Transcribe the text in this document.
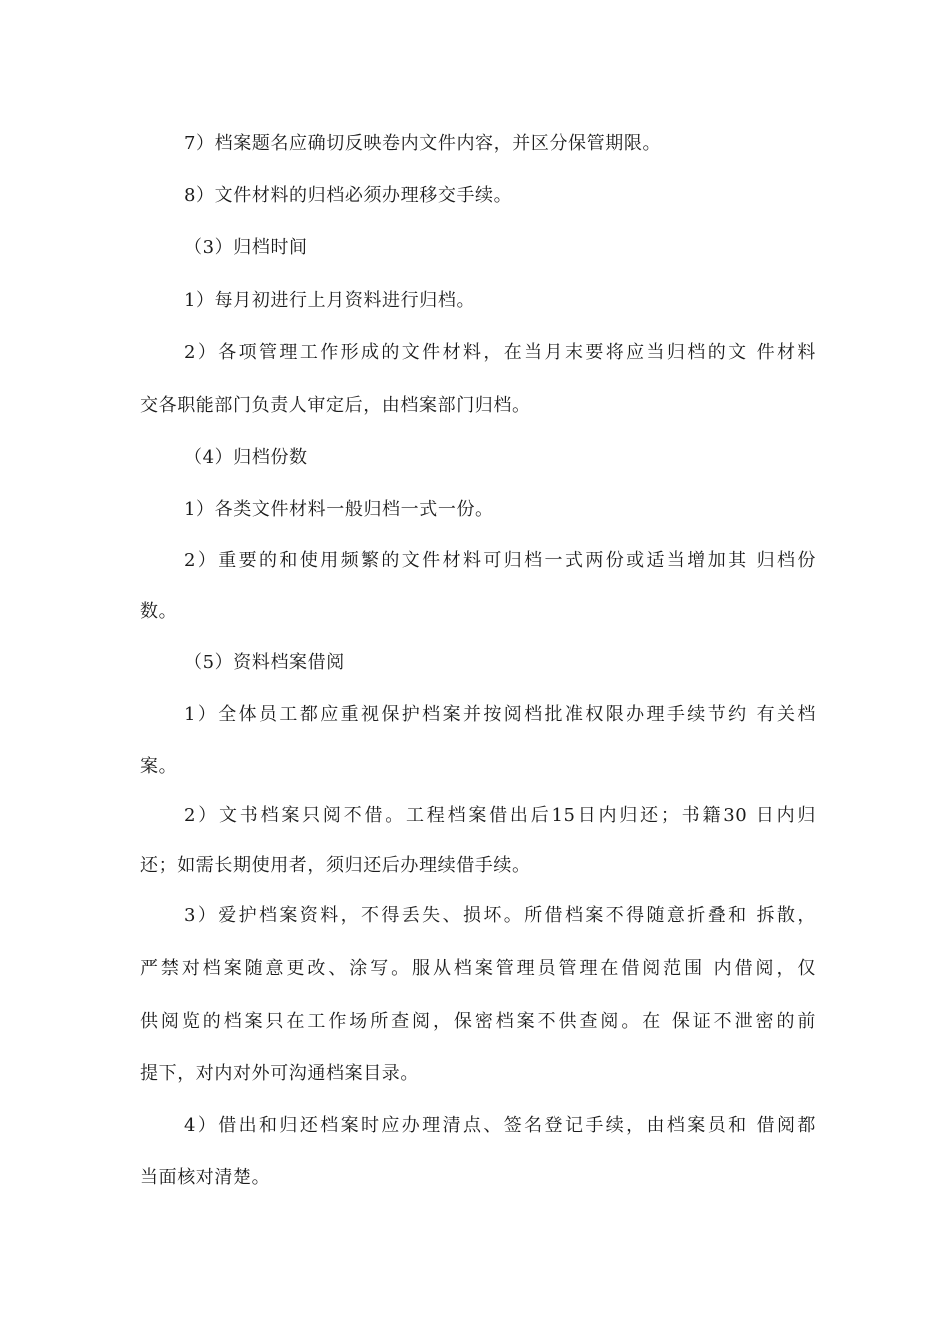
7）档案题名应确切反映卷内文件内容，并区分保管期限。
8）文件材料的归档必须办理移交手续。
（3）归档时间
1）每月初进行上月资料进行归档。
2）各项管理工作形成的文件材料，在当月末要将应当归档的文 件材料
交各职能部门负责人审定后，由档案部门归档。
（4）归档份数
1）各类文件材料一般归档一式一份。
2）重要的和使用频繁的文件材料可归档一式两份或适当增加其 归档份
数。
（5）资料档案借阅
1）全体员工都应重视保护档案并按阅档批准权限办理手续节约 有关档
案。
2）文书档案只阅不借。工程档案借出后15日内归还；书籍30 日内归
还；如需长期使用者，须归还后办理续借手续。
3）爱护档案资料，不得丢失、损坏。所借档案不得随意折叠和 拆散，
严禁对档案随意更改、涂写。服从档案管理员管理在借阅范围 内借阅，仅
供阅览的档案只在工作场所查阅，保密档案不供查阅。在 保证不泄密的前
提下，对内对外可沟通档案目录。
4）借出和归还档案时应办理清点、签名登记手续，由档案员和 借阅都
当面核对清楚。
